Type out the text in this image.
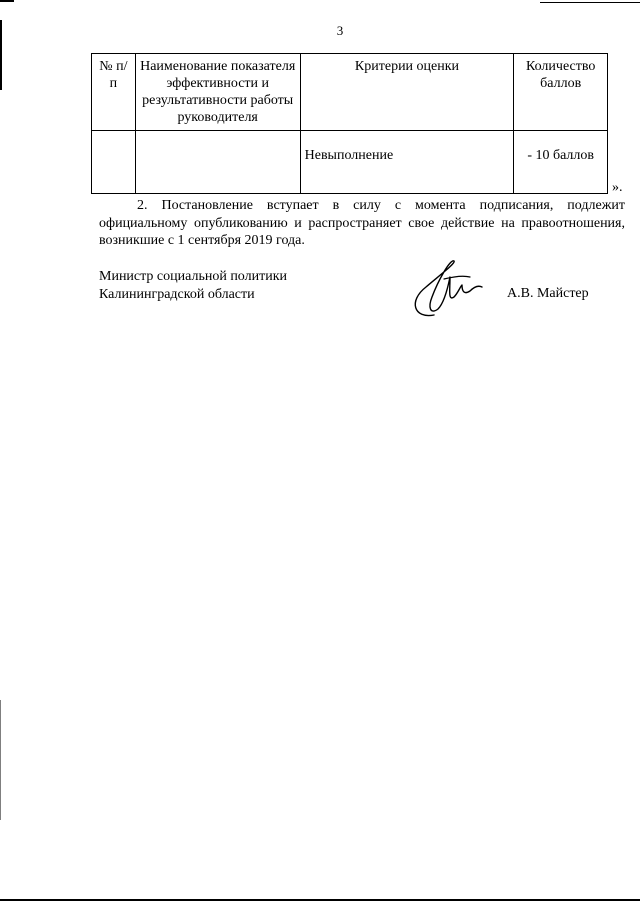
3
№ п/п	Наименование показателя эффективности и результативности работы руководителя	Критерии оценки	Количество баллов
		Невыполнение	- 10 баллов
».
2. Постановление вступает в силу с момента подписания, подлежит официальному опубликованию и распространяет свое действие на правоотношения, возникшие с 1 сентября 2019 года.
Министр социальной политики
Калининградской области	А.В. Майстер
